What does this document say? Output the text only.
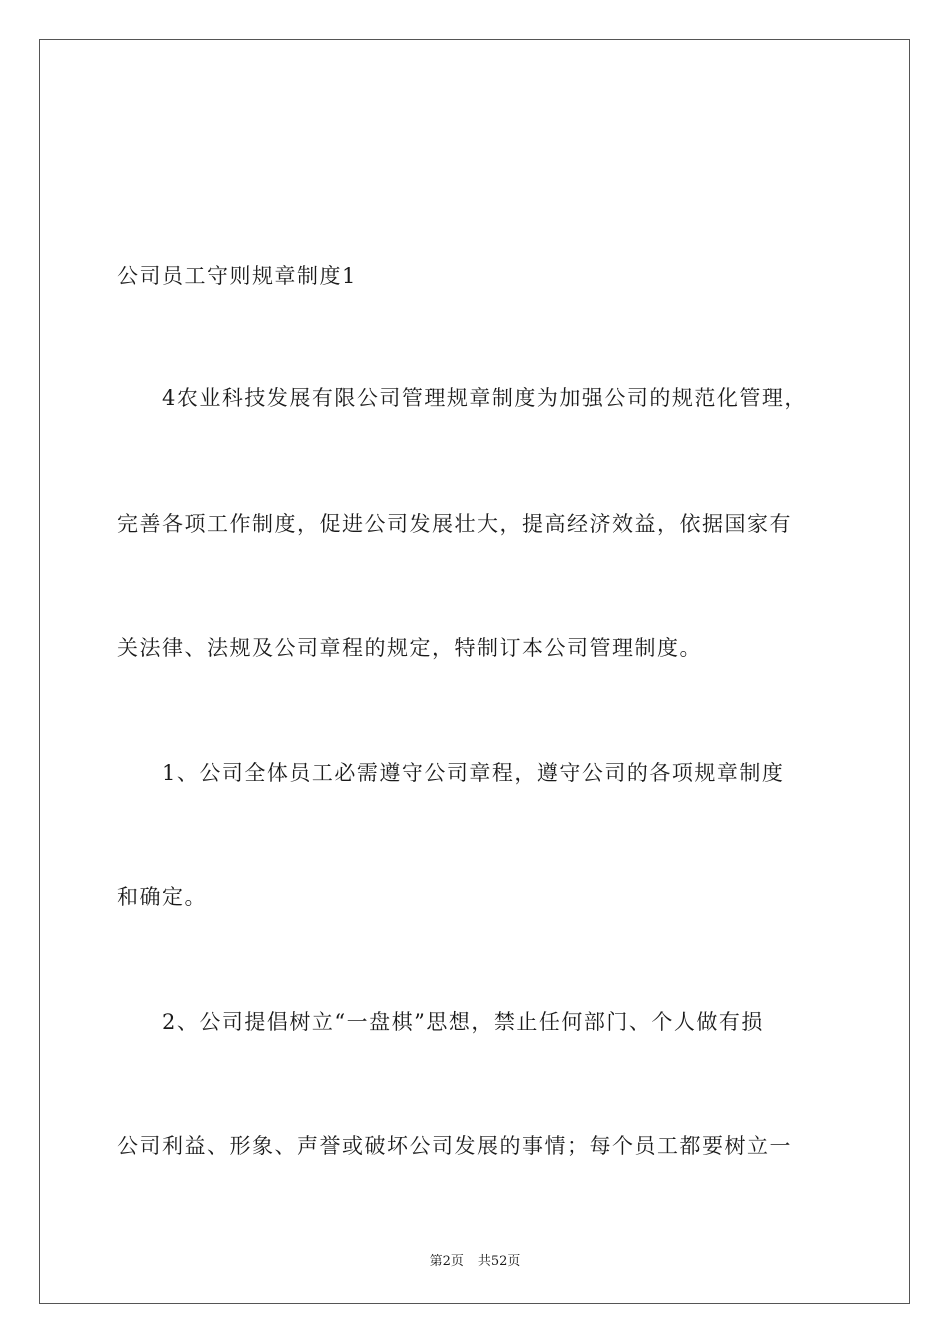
公司员工守则规章制度1
4农业科技发展有限公司管理规章制度为加强公司的规范化管理，
完善各项工作制度，促进公司发展壮大，提高经济效益，依据国家有
关法律、法规及公司章程的规定，特制订本公司管理制度。
1、公司全体员工必需遵守公司章程，遵守公司的各项规章制度
和确定。
2、公司提倡树立“一盘棋”思想，禁止任何部门、个人做有损
公司利益、形象、声誉或破坏公司发展的事情；每个员工都要树立一
第2页 共52页
